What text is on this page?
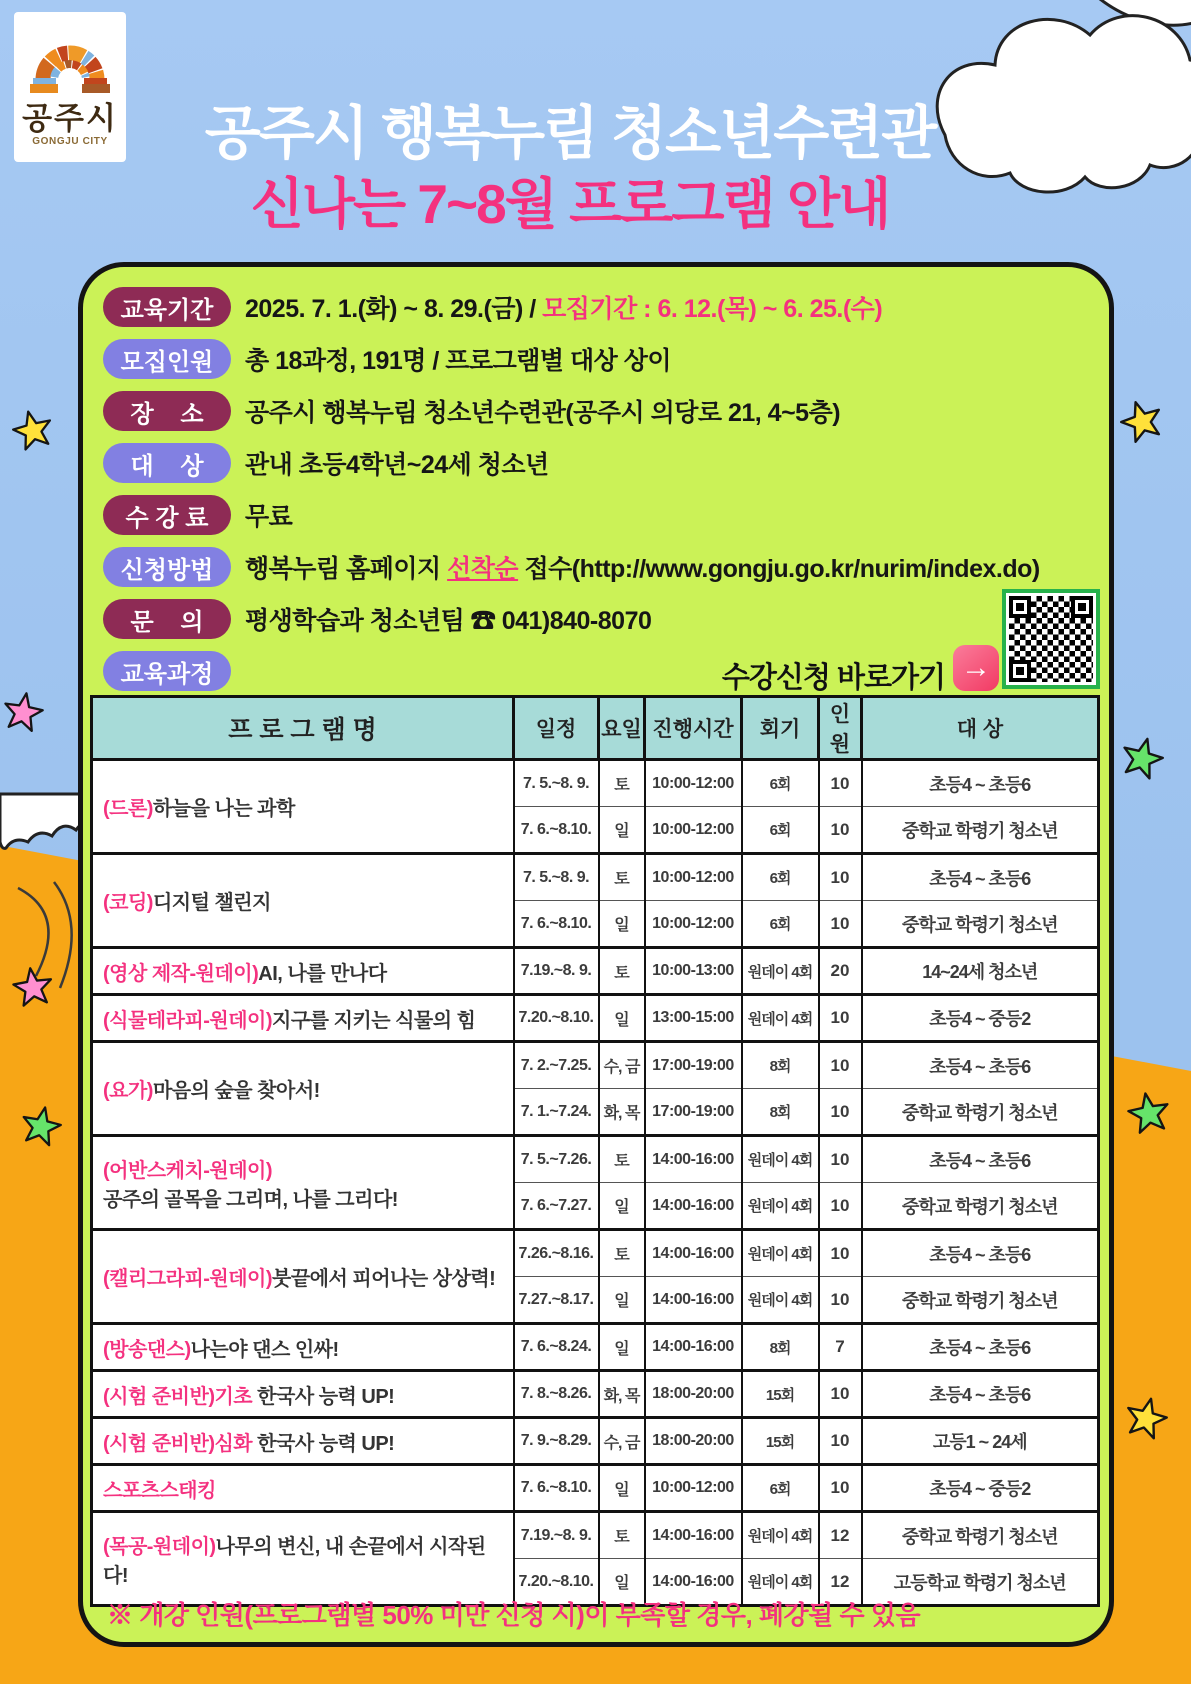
공주시
GONGJU CITY	공주시 행복누림 청소년수련관
신나는 7~8월 프로그램 안내
교육기간	2025. 7. 1.(화) ~ 8. 29.(금) / 모집기간 : 6. 12.(목) ~ 6. 25.(수)
모집인원	총 18과정, 191명 / 프로그램별 대상 상이
장    소	공주시 행복누림 청소년수련관(공주시 의당로 21, 4~5층)
대    상	관내 초등4학년~24세 청소년
수 강 료	무료
신청방법	행복누림 홈페이지 선착순 접수(http://www.gongju.go.kr/nurim/index.do)
문    의	평생학습과 청소년팀 ☎ 041)840-8070
교육과정	수강신청 바로가기 →
프 로 그 램 명	일정	요일	진행시간	회기	인원	대 상
(드론)하늘을 나는 과학	7. 5.~8. 9.	토	10:00-12:00	6회	10	초등4 ~ 초등6
	7. 6.~8.10.	일	10:00-12:00	6회	10	중학교 학령기 청소년
(코딩)디지털 챌린지	7. 5.~8. 9.	토	10:00-12:00	6회	10	초등4 ~ 초등6
	7. 6.~8.10.	일	10:00-12:00	6회	10	중학교 학령기 청소년
(영상 제작-원데이)AI, 나를 만나다	7.19.~8. 9.	토	10:00-13:00	원데이 4회	20	14~24세 청소년
(식물테라피-원데이)지구를 지키는 식물의 힘	7.20.~8.10.	일	13:00-15:00	원데이 4회	10	초등4 ~ 중등2
(요가)마음의 숲을 찾아서!	7. 2.~7.25.	수, 금	17:00-19:00	8회	10	초등4 ~ 초등6
	7. 1.~7.24.	화, 목	17:00-19:00	8회	10	중학교 학령기 청소년
(어반스케치-원데이)
공주의 골목을 그리며, 나를 그리다!	7. 5.~7.26.	토	14:00-16:00	원데이 4회	10	초등4 ~ 초등6
	7. 6.~7.27.	일	14:00-16:00	원데이 4회	10	중학교 학령기 청소년
(캘리그라피-원데이)붓끝에서 피어나는 상상력!	7.26.~8.16.	토	14:00-16:00	원데이 4회	10	초등4 ~ 초등6
	7.27.~8.17.	일	14:00-16:00	원데이 4회	10	중학교 학령기 청소년
(방송댄스)나는야 댄스 인싸!	7. 6.~8.24.	일	14:00-16:00	8회	7	초등4 ~ 초등6
(시험 준비반)기초 한국사 능력 UP!	7. 8.~8.26.	화, 목	18:00-20:00	15회	10	초등4 ~ 초등6
(시험 준비반)심화 한국사 능력 UP!	7. 9.~8.29.	수, 금	18:00-20:00	15회	10	고등1 ~ 24세
스포츠스태킹	7. 6.~8.10.	일	10:00-12:00	6회	10	초등4 ~ 중등2
(목공-원데이)나무의 변신, 내 손끝에서 시작된다!	7.19.~8. 9.	토	14:00-16:00	원데이 4회	12	중학교 학령기 청소년
	7.20.~8.10.	일	14:00-16:00	원데이 4회	12	고등학교 학령기 청소년
※ 개강 인원(프로그램별 50% 미만 신청 시)이 부족할 경우, 폐강될 수 있음
